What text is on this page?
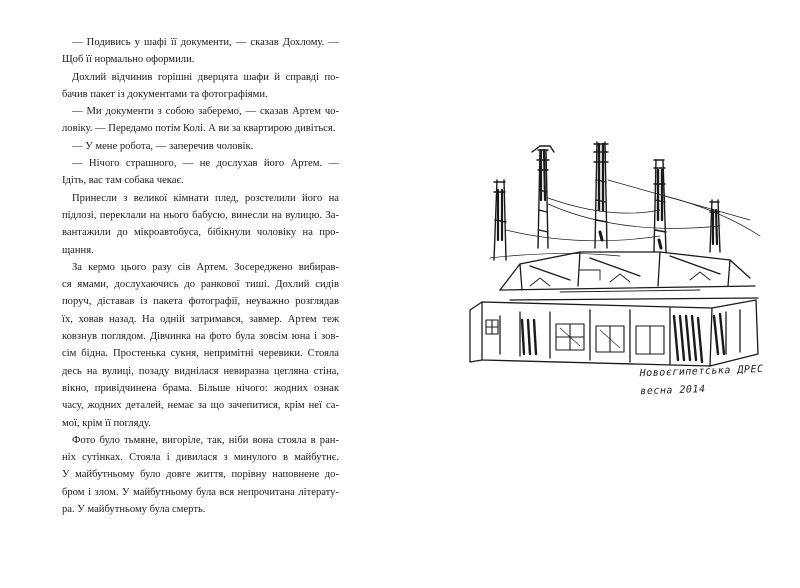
— Подивись у шафі її документи, — сказав Дохлому. —
Щоб її нормально оформили.
Дохлий відчинив горішні дверцята шафи й справді по-
бачив пакет із документами та фотографіями.
— Ми документи з собою заберемо, — сказав Артем чо-
ловіку. — Передамо потім Колі. А ви за квартирою дивіться.
— У мене робота, — заперечив чоловік.
— Нічого страшного, — не дослухав його Артем. —
Ідіть, вас там собака чекає.
Принесли з великої кімнати плед, розстелили його на
підлозі, переклали на нього бабусю, винесли на вулицю. За-
вантажили до мікроавтобуса, бібікнули чоловіку на про-
щання.
За кермо цього разу сів Артем. Зосереджено вибирав-
ся ямами, дослухаючись до ранкової тиші. Дохлий сидів
поруч, діставав із пакета фотографії, неуважно розглядав
їх, ховав назад. На одній затримався, завмер. Артем теж
ковзнув поглядом. Дівчинка на фото була зовсім юна і зов-
сім бідна. Простенька сукня, непримітні черевики. Стояла
десь на вулиці, позаду виднілася невиразна цегляна стіна,
вікно, привідчинена брама. Більше нічого: жодних ознак
часу, жодних деталей, немає за що зачепитися, крім неї са-
мої, крім її погляду.
Фото було тьмяне, вигоріле, так, ніби вона стояла в ран-
ніх сутінках. Стояла і дивилася з минулого в майбутнє.
У майбутньому було довге життя, порівну наповнене до-
бром і злом. У майбутньому була вся непрочитана літерату-
ра. У майбутньому була смерть.
Новоєгипетська ДРЕС
весна 2014
